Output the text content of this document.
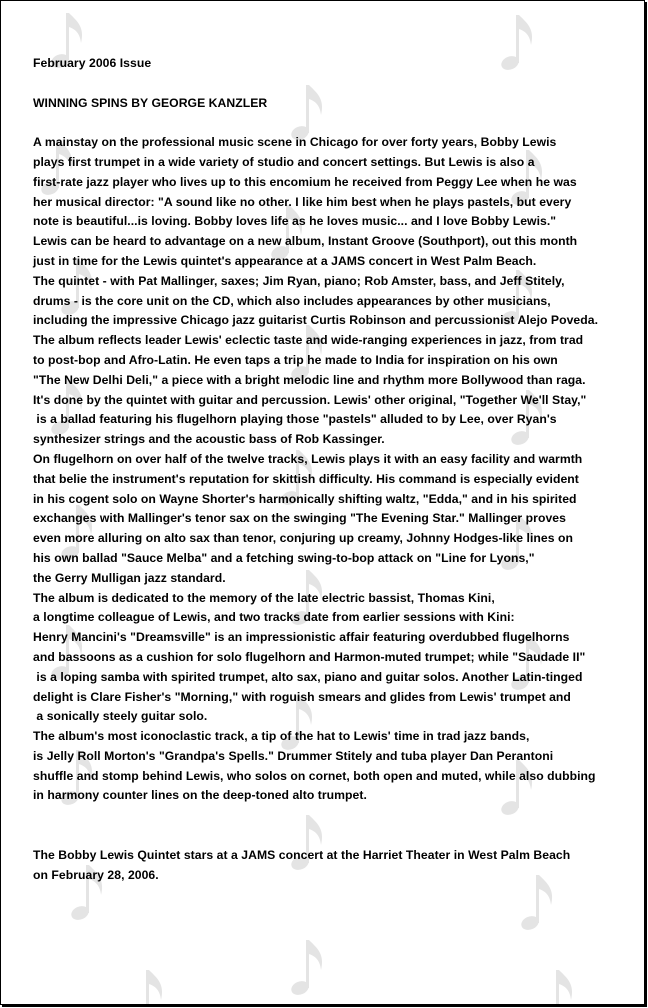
February 2006 Issue
WINNING SPINS BY GEORGE KANZLER
A mainstay on the professional music scene in Chicago for over forty years, Bobby Lewis
plays first trumpet in a wide variety of studio and concert settings. But Lewis is also a
first-rate jazz player who lives up to this encomium he received from Peggy Lee when he was
her musical director: "A sound like no other. I like him best when he plays pastels, but every
note is beautiful...is loving. Bobby loves life as he loves music... and I love Bobby Lewis."
Lewis can be heard to advantage on a new album, Instant Groove (Southport), out this month
just in time for the Lewis quintet's appearance at a JAMS concert in West Palm Beach.
The quintet - with Pat Mallinger, saxes; Jim Ryan, piano; Rob Amster, bass, and Jeff Stitely,
drums - is the core unit on the CD, which also includes appearances by other musicians,
including the impressive Chicago jazz guitarist Curtis Robinson and percussionist Alejo Poveda.
The album reflects leader Lewis' eclectic taste and wide-ranging experiences in jazz, from trad
to post-bop and Afro-Latin. He even taps a trip he made to India for inspiration on his own
"The New Delhi Deli," a piece with a bright melodic line and rhythm more Bollywood than raga.
It's done by the quintet with guitar and percussion. Lewis' other original, "Together We'll Stay,"
is a ballad featuring his flugelhorn playing those "pastels" alluded to by Lee, over Ryan's
synthesizer strings and the acoustic bass of Rob Kassinger.
On flugelhorn on over half of the twelve tracks, Lewis plays it with an easy facility and warmth
that belie the instrument's reputation for skittish difficulty. His command is especially evident
in his cogent solo on Wayne Shorter's harmonically shifting waltz, "Edda," and in his spirited
exchanges with Mallinger's tenor sax on the swinging "The Evening Star." Mallinger proves
even more alluring on alto sax than tenor, conjuring up creamy, Johnny Hodges-like lines on
his own ballad "Sauce Melba" and a fetching swing-to-bop attack on "Line for Lyons,"
the Gerry Mulligan jazz standard.
The album is dedicated to the memory of the late electric bassist, Thomas Kini,
a longtime colleague of Lewis, and two tracks date from earlier sessions with Kini:
Henry Mancini's "Dreamsville" is an impressionistic affair featuring overdubbed flugelhorns
and bassoons as a cushion for solo flugelhorn and Harmon-muted trumpet; while "Saudade II"
is a loping samba with spirited trumpet, alto sax, piano and guitar solos. Another Latin-tinged
delight is Clare Fisher's "Morning," with roguish smears and glides from Lewis' trumpet and
a sonically steely guitar solo.
The album's most iconoclastic track, a tip of the hat to Lewis' time in trad jazz bands,
is Jelly Roll Morton's "Grandpa's Spells." Drummer Stitely and tuba player Dan Perantoni
shuffle and stomp behind Lewis, who solos on cornet, both open and muted, while also dubbing
in harmony counter lines on the deep-toned alto trumpet.
The Bobby Lewis Quintet stars at a JAMS concert at the Harriet Theater in West Palm Beach
on February 28, 2006.
